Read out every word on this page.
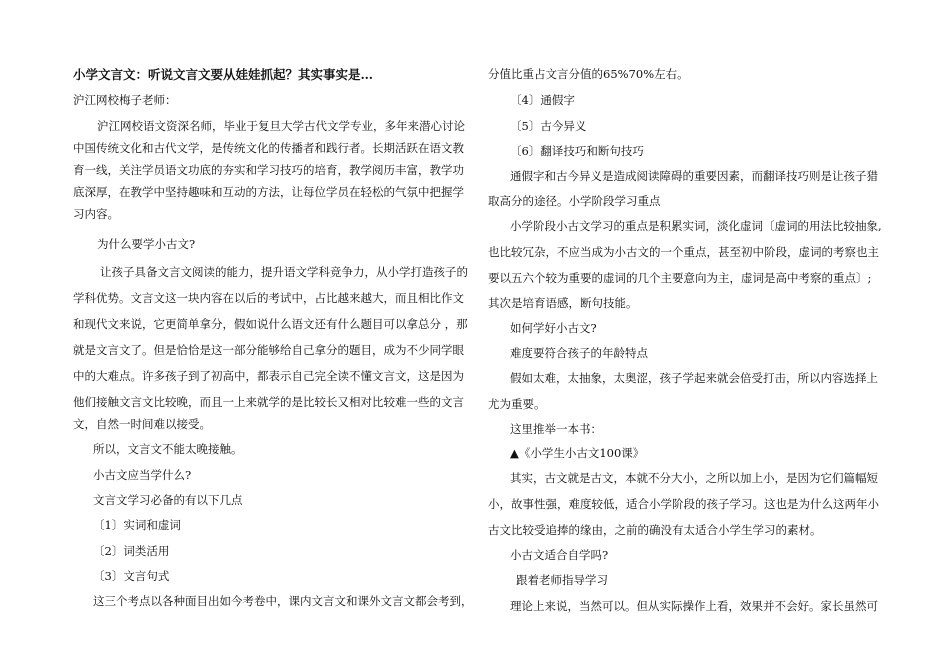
小学文言文：听说文言文要从娃娃抓起？其实事实是…

沪江网校梅子老师：

沪江网校语文资深名师，毕业于复旦大学古代文学专业，多年来潜心讨论

中国传统文化和古代文学，是传统文化的传播者和践行者。长期活跃在语文教

育一线，关注学员语文功底的夯实和学习技巧的培育，教学阅历丰富，教学功

底深厚，在教学中坚持趣味和互动的方法，让每位学员在轻松的气氛中把握学

习内容。

为什么要学小古文?

让孩子具备文言文阅读的能力，提升语文学科竞争力，从小学打造孩子的

学科优势。文言文这一块内容在以后的考试中，占比越来越大，而且相比作文

和现代文来说，它更简单拿分，假如说什么语文还有什么题目可以拿总分 ，那

就是文言文了。但是恰恰是这一部分能够给自己拿分的题目，成为不少同学眼

中的大难点。许多孩子到了初高中，都表示自己完全读不懂文言文，这是因为

他们接触文言文比较晚，而且一上来就学的是比较长又相对比较难一些的文言

文，自然一时间难以接受。

所以，文言文不能太晚接触。

小古文应当学什么?

文言文学习必备的有以下几点

〔1〕实词和虚词

〔2〕词类活用

〔3〕文言句式

这三个考点以各种面目出如今考卷中，课内文言文和课外文言文都会考到，

分值比重占文言分值的65%70%左右。

〔4〕通假字

〔5〕古今异义

〔6〕翻译技巧和断句技巧

通假字和古今异义是造成阅读障碍的重要因素，而翻译技巧则是让孩子猎

取高分的途径。小学阶段学习重点

小学阶段小古文学习的重点是积累实词，淡化虚词〔虚词的用法比较抽象,

也比较冗杂，不应当成为小古文的一个重点，甚至初中阶段，虚词的考察也主

要以五六个较为重要的虚词的几个主要意向为主，虚词是高中考察的重点〕;

其次是培育语感，断句技能。

如何学好小古文?

难度要符合孩子的年龄特点

假如太难，太抽象，太奥涩，孩子学起来就会倍受打击，所以内容选择上

尤为重要。

这里推举一本书：

▲《小学生小古文100课》

其实，古文就是古文，本就不分大小，之所以加上小，是因为它们篇幅短

小，故事性强，难度较低，适合小学阶段的孩子学习。这也是为什么这两年小

古文比较受追捧的缘由，之前的确没有太适合小学生学习的素材。

小古文适合自学吗?

跟着老师指导学习

理论上来说，当然可以。但从实际操作上看，效果并不会好。家长虽然可
